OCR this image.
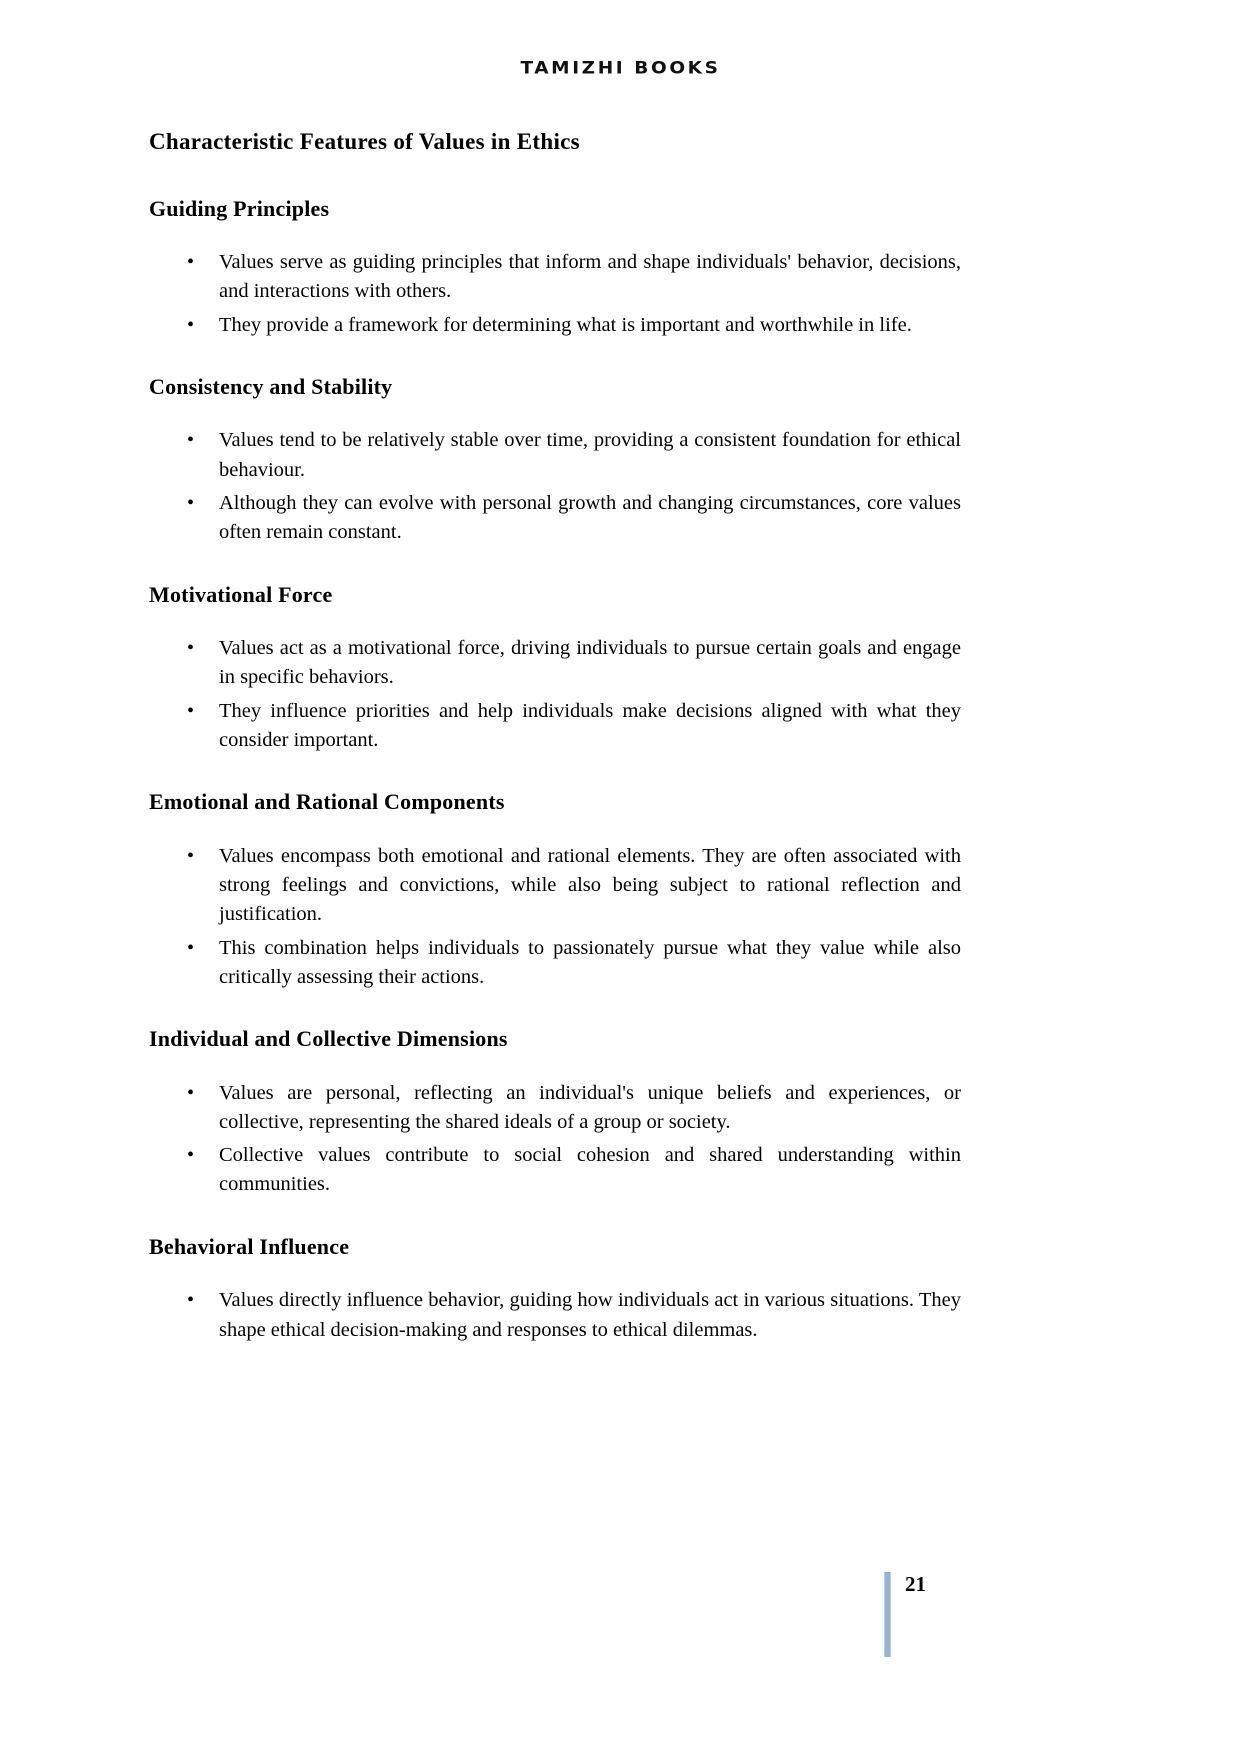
TAMIZHI BOOKS
Characteristic Features of Values in Ethics
Guiding Principles
• Values serve as guiding principles that inform and shape individuals' behavior, decisions, and interactions with others.
• They provide a framework for determining what is important and worthwhile in life.
Consistency and Stability
• Values tend to be relatively stable over time, providing a consistent foundation for ethical behaviour.
• Although they can evolve with personal growth and changing circumstances, core values often remain constant.
Motivational Force
• Values act as a motivational force, driving individuals to pursue certain goals and engage in specific behaviors.
• They influence priorities and help individuals make decisions aligned with what they consider important.
Emotional and Rational Components
• Values encompass both emotional and rational elements. They are often associated with strong feelings and convictions, while also being subject to rational reflection and justification.
• This combination helps individuals to passionately pursue what they value while also critically assessing their actions.
Individual and Collective Dimensions
• Values are personal, reflecting an individual's unique beliefs and experiences, or collective, representing the shared ideals of a group or society.
• Collective values contribute to social cohesion and shared understanding within communities.
Behavioral Influence
• Values directly influence behavior, guiding how individuals act in various situations. They shape ethical decision-making and responses to ethical dilemmas.
21
